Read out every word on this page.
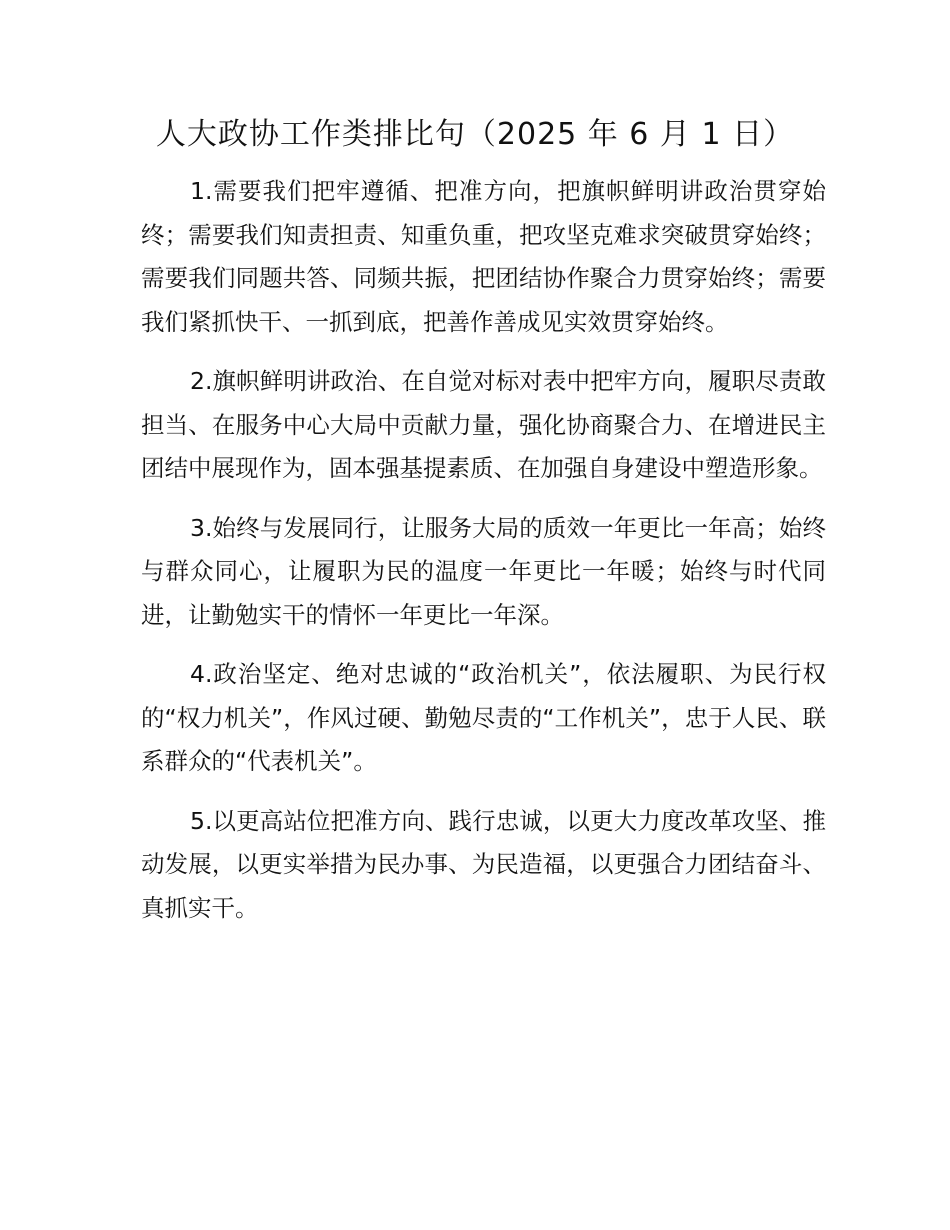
人大政协工作类排比句（2025 年 6 月 1 日）

1.需要我们把牢遵循、把准方向，把旗帜鲜明讲政治贯穿始终；需要我们知责担责、知重负重，把攻坚克难求突破贯穿始终；需要我们同题共答、同频共振，把团结协作聚合力贯穿始终；需要我们紧抓快干、一抓到底，把善作善成见实效贯穿始终。

2.旗帜鲜明讲政治、在自觉对标对表中把牢方向，履职尽责敢担当、在服务中心大局中贡献力量，强化协商聚合力、在增进民主团结中展现作为，固本强基提素质、在加强自身建设中塑造形象。

3.始终与发展同行，让服务大局的质效一年更比一年高；始终与群众同心，让履职为民的温度一年更比一年暖；始终与时代同进，让勤勉实干的情怀一年更比一年深。

4.政治坚定、绝对忠诚的“政治机关”，依法履职、为民行权的“权力机关”，作风过硬、勤勉尽责的“工作机关”，忠于人民、联系群众的“代表机关”。

5.以更高站位把准方向、践行忠诚，以更大力度改革攻坚、推动发展，以更实举措为民办事、为民造福，以更强合力团结奋斗、真抓实干。
